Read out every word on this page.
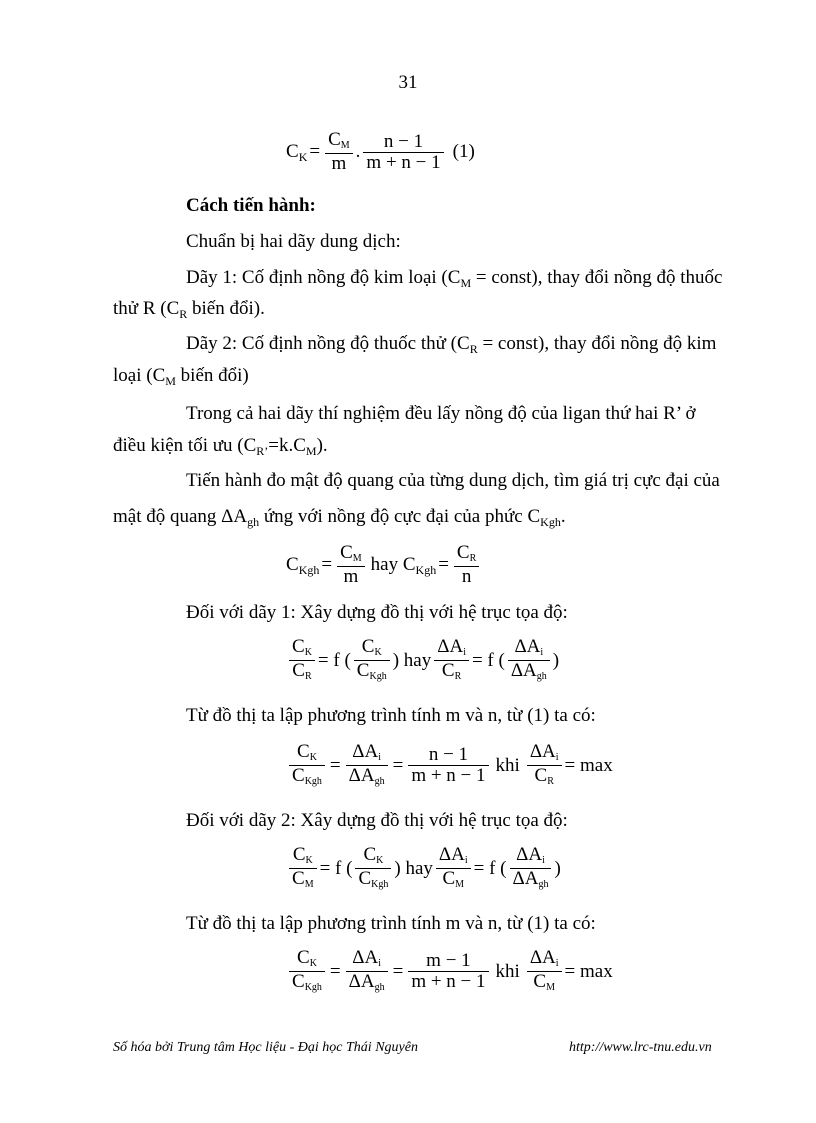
31
$C_K = \frac{CM}{m}$ . $\frac{n - 1}{m + n - 1} (1)$
Cách tiến hành:
Chuẩn bị hai dãy dung dịch:
Dãy 1: Cố định nồng độ kim loại ($C_M$ = const), thay đổi nồng độ thuốc
thử R ($C_R$ biến đổi).
Dãy 2: Cố định nồng độ thuốc thử ($C_R$ = const), thay đổi nồng độ kim
loại ($C_M$ biến đổi)
Trong cả hai dãy thí nghiệm đều lấy nồng độ của ligan thứ hai R’ ở
điều kiện tối ưu $(C_{R’}=k.C_M)$.
Tiến hành đo mật độ quang của từng dung dịch, tìm giá trị cực đại của
mật độ quang $\Delta A_{gh}$ ứng với nồng độ cực đại của phức $C_{Kgh}$.
$C_{Kgh} = \frac{CM}{m}$ hay $C_{Kgh} = \frac{CR}{n}$
Đối với dãy 1: Xây dựng đồ thị với hệ trục tọa độ:
$\frac{CK}{CR} = f$ ( $\frac{CK}{\text{CKgh}}$ ) hay $\frac{\text{ΔAi}}{CR} = f$ ( $\frac{\text{ΔAi}}{\text{ΔAgh}}$ )
Từ đồ thị ta lập phương trình tính m và n, từ (1) ta có:
$\frac{CK}{\text{CKgh}} = \frac{\text{ΔAi}}{\text{ΔAgh}} = \frac{n - 1}{m + n - 1}$ khi $\frac{\text{ΔAi}}{CR} = \max$
Đối với dãy 2: Xây dựng đồ thị với hệ trục tọa độ:
$\frac{CK}{CM} = f$ ( $\frac{CK}{\text{CKgh}}$ ) hay $\frac{\text{ΔAi}}{CM} = f$ ( $\frac{\text{ΔAi}}{\text{ΔAgh}}$ )
Từ đồ thị ta lập phương trình tính m và n, từ (1) ta có:
$\frac{CK}{\text{CKgh}} = \frac{\text{ΔAi}}{\text{ΔAgh}} = \frac{m - 1}{m + n - 1}$ khi $\frac{\text{ΔAi}}{CM} = \max$
Số hóa bởi Trung tâm Học liệu - Đại học Thái Nguyên	http://www.lrc-tnu.edu.vn
